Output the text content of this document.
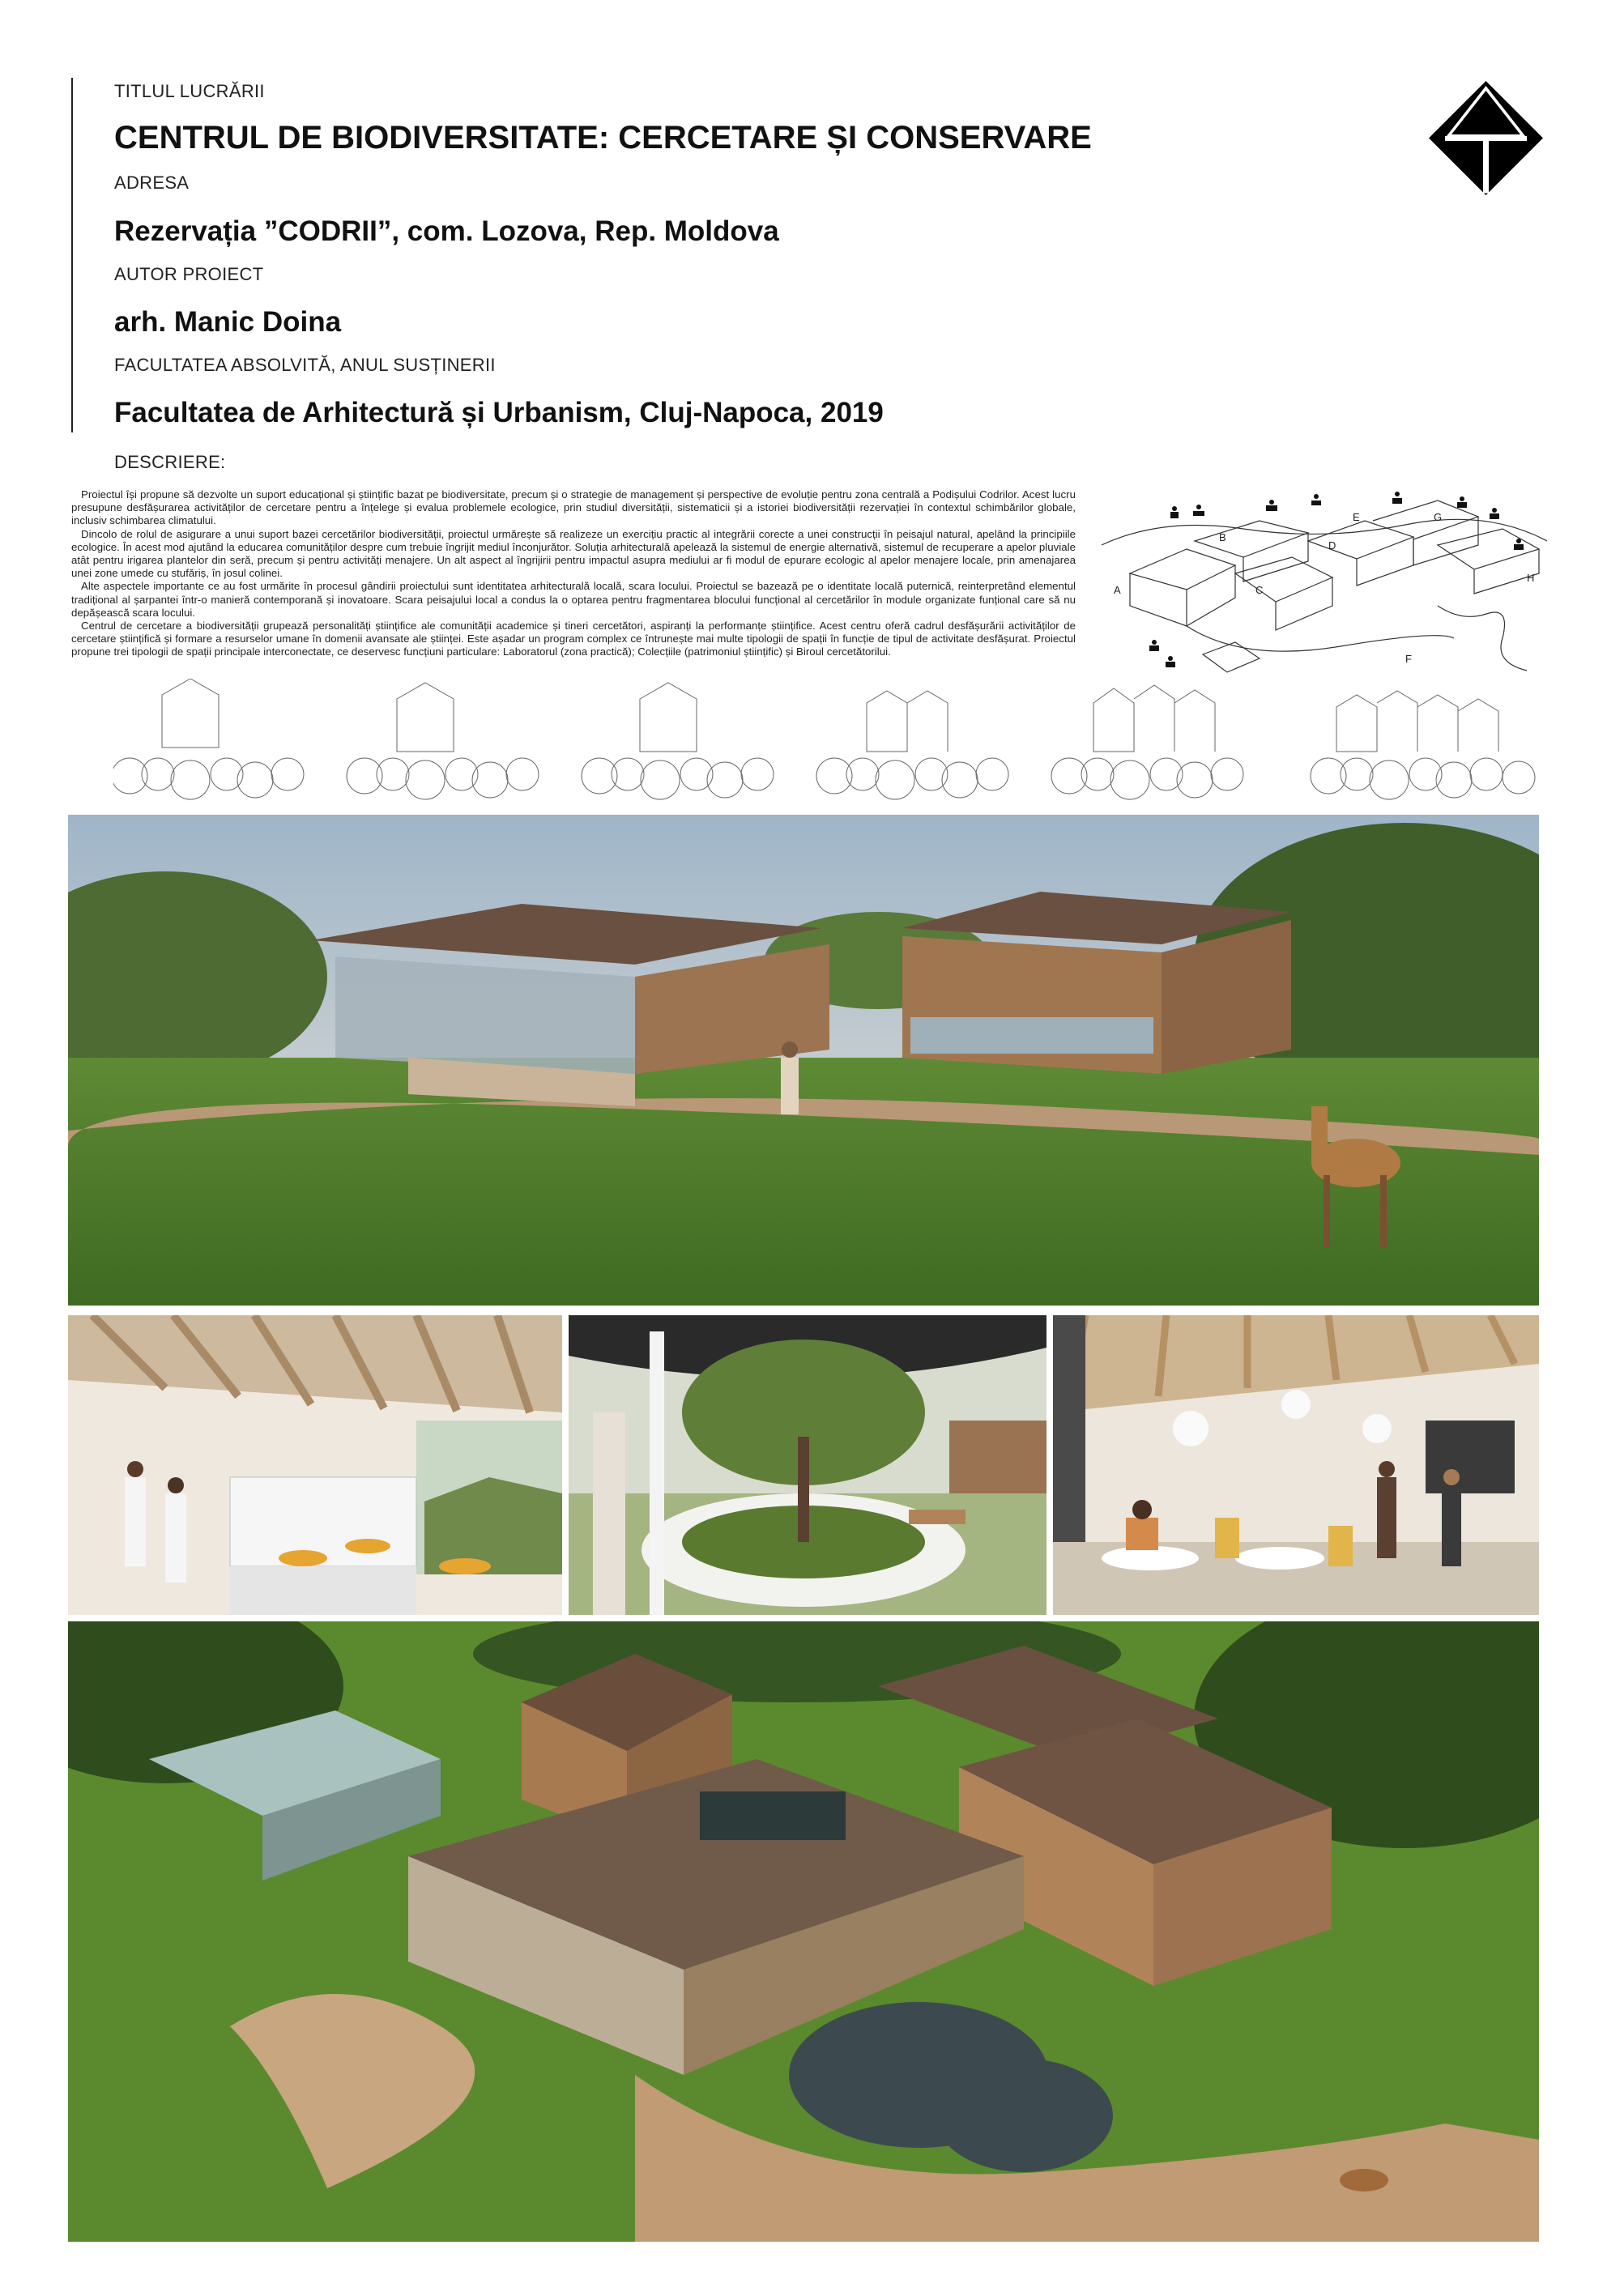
TITLUL LUCRĂRII
CENTRUL DE BIODIVERSITATE: CERCETARE ȘI CONSERVARE
ADRESA
Rezervația ”CODRII”, com. Lozova, Rep. Moldova
AUTOR PROIECT
arh. Manic Doina
FACULTATEA ABSOLVITĂ, ANUL SUSȚINERII
Facultatea de Arhitectură și Urbanism, Cluj-Napoca, 2019
DESCRIERE:

Proiectul își propune să dezvolte un suport educațional și științific bazat pe biodiversitate, precum și o strategie de management și perspective de evoluție pentru zona centrală a Podișului Codrilor. Acest lucru presupune desfășurarea activităților de cercetare pentru a înțelege și evalua problemele ecologice, prin studiul diversității, sistematicii și a istoriei biodiversității rezervației în contextul schimbărilor globale, inclusiv schimbarea climatului.

Dincolo de rolul de asigurare a unui suport bazei cercetărilor biodiversității, proiectul urmărește să realizeze un exercițiu practic al integrării corecte a unei construcții în peisajul natural, apelând la principiile ecologice. În acest mod ajutând la educarea comunităților despre cum trebuie îngrijit mediul înconjurător. Soluția arhitecturală apelează la sistemul de energie alternativă, sistemul de recuperare a apelor pluviale atât pentru irigarea plantelor din seră, precum și pentru activități menajere. Un alt aspect al îngrijirii pentru impactul asupra mediului ar fi modul de epurare ecologic al apelor menajere locale, prin amenajarea unei zone umede cu stufăriș, în josul colinei.

Alte aspectele importante ce au fost urmărite în procesul gândirii proiectului sunt identitatea arhitecturală locală, scara locului. Proiectul se bazează pe o identitate locală puternică, reinterpretând elementul tradițional al șarpantei într-o manieră contemporană și inovatoare. Scara peisajului local a condus la o optarea pentru fragmentarea blocului funcțional al cercetărilor în module organizate funțional care să nu depășească scara locului.

Centrul de cercetare a biodiversității grupează personalități științifice ale comunității academice și tineri cercetători, aspiranți la performanțe științifice. Acest centru oferă cadrul desfășurării activităților de cercetare științifică și formare a resurselor umane în domenii avansate ale științei. Este așadar un program complex ce întrunește mai multe tipologii de spații în funcție de tipul de activitate desfășurat. Proiectul propune trei tipologii de spații principale interconectate, ce deservesc funcțiuni particulare: Laboratorul (zona practică); Colecțiile (patrimoniul științific) și Biroul cercetătorilui.

A
B
C
D
E
F
G
H
